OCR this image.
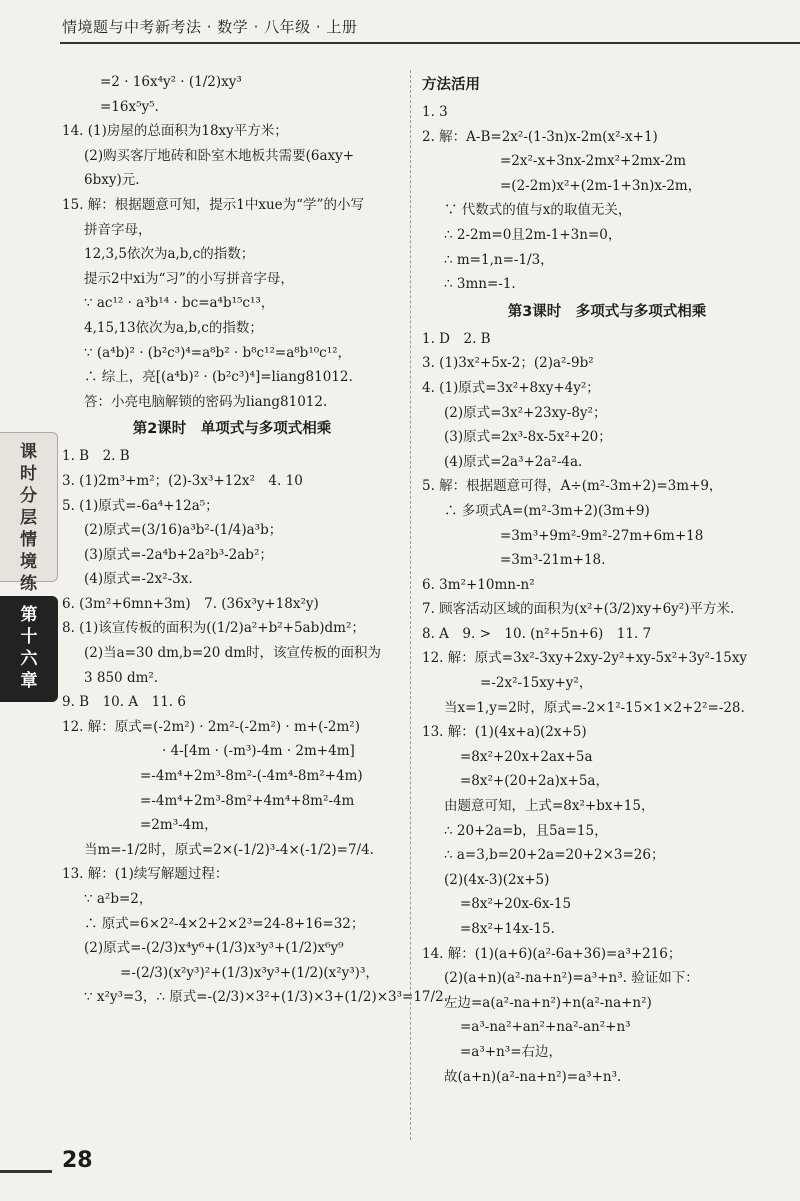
情境题与中考新考法 · 数学 · 八年级 · 上册
课
时
分
层
情
境
练
第
十
六
章
=2 · 16x⁴y² · (1/2)xy³
=16x⁵y⁵.
14. (1)房屋的总面积为18xy平方米；
(2)购买客厅地砖和卧室木地板共需要(6axy+
6bxy)元.
15. 解：根据题意可知，提示1中xue为“学”的小写
拼音字母，
12,3,5依次为a,b,c的指数；
提示2中xi为“习”的小写拼音字母，
∵ ac¹² · a³b¹⁴ · bc=a⁴b¹⁵c¹³，
4,15,13依次为a,b,c的指数；
∵ (a⁴b)² · (b²c³)⁴=a⁸b² · b⁸c¹²=a⁸b¹⁰c¹²，
∴ 综上，亮[(a⁴b)² · (b²c³)⁴]=liang81012.
答：小亮电脑解锁的密码为liang81012.
第2课时　单项式与多项式相乘
1. B　2. B
3. (1)2m³+m²；(2)-3x³+12x²　4. 10
5. (1)原式=-6a⁴+12a⁵；
(2)原式=(3/16)a³b²-(1/4)a³b；
(3)原式=-2a⁴b+2a²b³-2ab²；
(4)原式=-2x²-3x.
6. (3m²+6mn+3m)　7. (36x³y+18x²y)
8. (1)该宣传板的面积为((1/2)a²+b²+5ab)dm²；
(2)当a=30 dm,b=20 dm时，该宣传板的面积为
3 850 dm².
9. B　10. A　11. 6
12. 解：原式=(-2m²) · 2m²-(-2m²) · m+(-2m²)
· 4-[4m · (-m³)-4m · 2m+4m]
=-4m⁴+2m³-8m²-(-4m⁴-8m²+4m)
=-4m⁴+2m³-8m²+4m⁴+8m²-4m
=2m³-4m，
当m=-1/2时，原式=2×(-1/2)³-4×(-1/2)=7/4.
13. 解：(1)续写解题过程：
∵ a²b=2，
∴ 原式=6×2²-4×2+2×2³=24-8+16=32；
(2)原式=-(2/3)x⁴y⁶+(1/3)x³y³+(1/2)x⁶y⁹
=-(2/3)(x²y³)²+(1/3)x³y³+(1/2)(x²y³)³，
∵ x²y³=3，∴ 原式=-(2/3)×3²+(1/3)×3+(1/2)×3³=17/2.
方法活用
1. 3
2. 解：A-B=2x²-(1-3n)x-2m(x²-x+1)
=2x²-x+3nx-2mx²+2mx-2m
=(2-2m)x²+(2m-1+3n)x-2m，
∵ 代数式的值与x的取值无关，
∴ 2-2m=0且2m-1+3n=0，
∴ m=1,n=-1/3，
∴ 3mn=-1.
第3课时　多项式与多项式相乘
1. D　2. B
3. (1)3x²+5x-2；(2)a²-9b²
4. (1)原式=3x²+8xy+4y²；
(2)原式=3x²+23xy-8y²；
(3)原式=2x³-8x-5x²+20；
(4)原式=2a³+2a²-4a.
5. 解：根据题意可得，A÷(m²-3m+2)=3m+9，
∴ 多项式A=(m²-3m+2)(3m+9)
=3m³+9m²-9m²-27m+6m+18
=3m³-21m+18.
6. 3m²+10mn-n²
7. 顾客活动区域的面积为(x²+(3/2)xy+6y²)平方米.
8. A　9. >　10. (n²+5n+6)　11. 7
12. 解：原式=3x²-3xy+2xy-2y²+xy-5x²+3y²-15xy
=-2x²-15xy+y²，
当x=1,y=2时，原式=-2×1²-15×1×2+2²=-28.
13. 解：(1)(4x+a)(2x+5)
=8x²+20x+2ax+5a
=8x²+(20+2a)x+5a，
由题意可知，上式=8x²+bx+15，
∴ 20+2a=b，且5a=15，
∴ a=3,b=20+2a=20+2×3=26；
(2)(4x-3)(2x+5)
=8x²+20x-6x-15
=8x²+14x-15.
14. 解：(1)(a+6)(a²-6a+36)=a³+216；
(2)(a+n)(a²-na+n²)=a³+n³. 验证如下：
左边=a(a²-na+n²)+n(a²-na+n²)
=a³-na²+an²+na²-an²+n³
=a³+n³=右边，
故(a+n)(a²-na+n²)=a³+n³.
28
